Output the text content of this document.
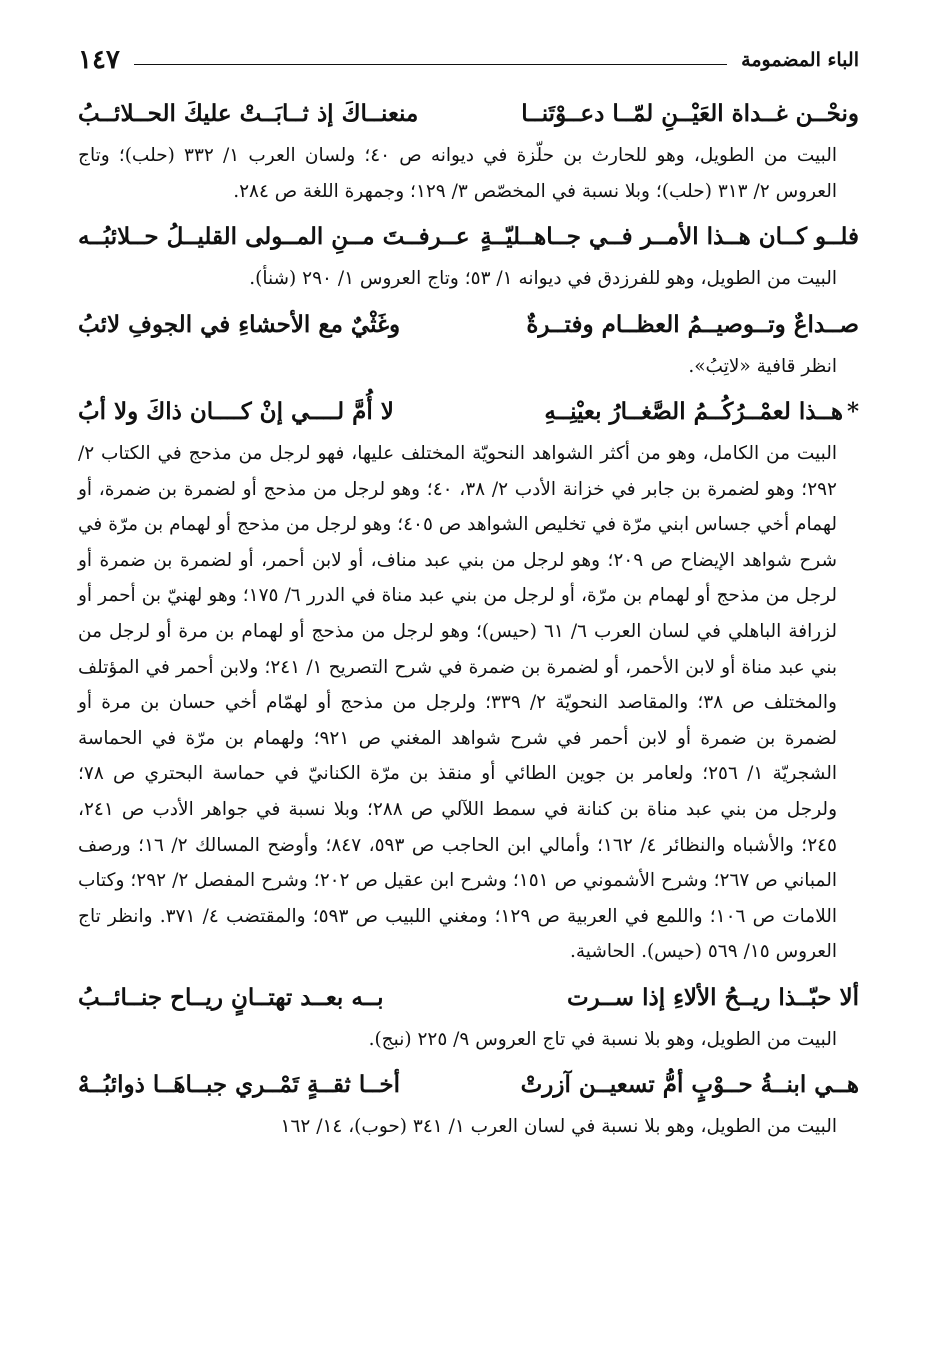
الباء المضمومة
١٤٧
ونحْــن غــداة العَيْــنِ لمّــا دعــوْتَنــا
منعنــاكَ إذ ثــابَــتْ عليكَ الحــلائــبُ

البيت من الطويل، وهو للحارث بن حلّزة في ديوانه ص ٤٠؛ ولسان العرب ١/ ٣٣٢ (حلب)؛ وتاج العروس ٢/ ٣١٣ (حلب)؛ وبلا نسبة في المخصّص ٣/ ١٢٩؛ وجمهرة اللغة ص ٢٨٤.

فلــو كــان هــذا الأمــر فــي جــاهــليّــةٍ
عــرفــتَ مــنِ المــولى القليــلُ حــلائبُــه

البيت من الطويل، وهو للفرزدق في ديوانه ١/ ٥٣؛ وتاج العروس ١/ ٢٩٠ (شنأ).

صــداعٌ وتــوصيــمُ العظــام وفتــرةٌ
وغَثْيٌ مع الأحشاءِ في الجوفِ لائبُ

انظر قافية «لاتِبُ».

*هــذا لعمْــرُكُــمُ الصَّغــارُ بعيْنِــهِ
لا أُمَّ لــــي إنْ كــــان ذاكَ ولا أبُ

البيت من الكامل، وهو من أكثر الشواهد النحويّة المختلف عليها، فهو لرجل من مذحج في الكتاب ٢/ ٢٩٢؛ وهو لضمرة بن جابر في خزانة الأدب ٢/ ٣٨، ٤٠؛ وهو لرجل من مذحج أو لضمرة بن ضمرة، أو لهمام أخي جساس ابني مرّة في تخليص الشواهد ص ٤٠٥؛ وهو لرجل من مذحج أو لهمام بن مرّة في شرح شواهد الإيضاح ص ٢٠٩؛ وهو لرجل من بني عبد مناف، أو لابن أحمر، أو لضمرة بن ضمرة أو لرجل من مذحج أو لهمام بن مرّة، أو لرجل من بني عبد مناة في الدرر ٦/ ١٧٥؛ وهو لهنيّ بن أحمر أو لزرافة الباهلي في لسان العرب ٦/ ٦١ (حيس)؛ وهو لرجل من مذحج أو لهمام بن مرة أو لرجل من بني عبد مناة أو لابن الأحمر، أو لضمرة بن ضمرة في شرح التصريح ١/ ٢٤١؛ ولابن أحمر في المؤتلف والمختلف ص ٣٨؛ والمقاصد النحويّة ٢/ ٣٣٩؛ ولرجل من مذحج أو لهمّام أخي حسان بن مرة أو لضمرة بن ضمرة أو لابن أحمر في شرح شواهد المغني ص ٩٢١؛ ولهمام بن مرّة في الحماسة الشجريّة ١/ ٢٥٦؛ ولعامر بن جوين الطائي أو منقذ بن مرّة الكنانيّ في حماسة البحتري ص ٧٨؛ ولرجل من بني عبد مناة بن كنانة في سمط اللآلي ص ٢٨٨؛ وبلا نسبة في جواهر الأدب ص ٢٤١، ٢٤٥؛ والأشباه والنظائر ٤/ ١٦٢؛ وأمالي ابن الحاجب ص ٥٩٣، ٨٤٧؛ وأوضح المسالك ٢/ ١٦؛ ورصف المباني ص ٢٦٧؛ وشرح الأشموني ص ١٥١؛ وشرح ابن عقيل ص ٢٠٢؛ وشرح المفصل ٢/ ٢٩٢؛ وكتاب اللامات ص ١٠٦؛ واللمع في العربية ص ١٢٩؛ ومغني اللبيب ص ٥٩٣؛ والمقتضب ٤/ ٣٧١. وانظر تاج العروس ١٥/ ٥٦٩ (حيس). الحاشية.

ألا حبّــذا ريــحُ الألاءِ إذا ســرت
بــه بعــد تهتــانٍ ريــاح جنــائــبُ

البيت من الطويل، وهو بلا نسبة في تاج العروس ٩/ ٢٢٥ (نبج).

هــي ابنــةُ حــوْبٍ أمُّ تسعيــن آزرتْ
أخــا ثقــةٍ تَمْــري جبــاهَــا ذوائبُــهْ

البيت من الطويل، وهو بلا نسبة في لسان العرب ١/ ٣٤١ (حوب)، ١٤/ ١٦٢
